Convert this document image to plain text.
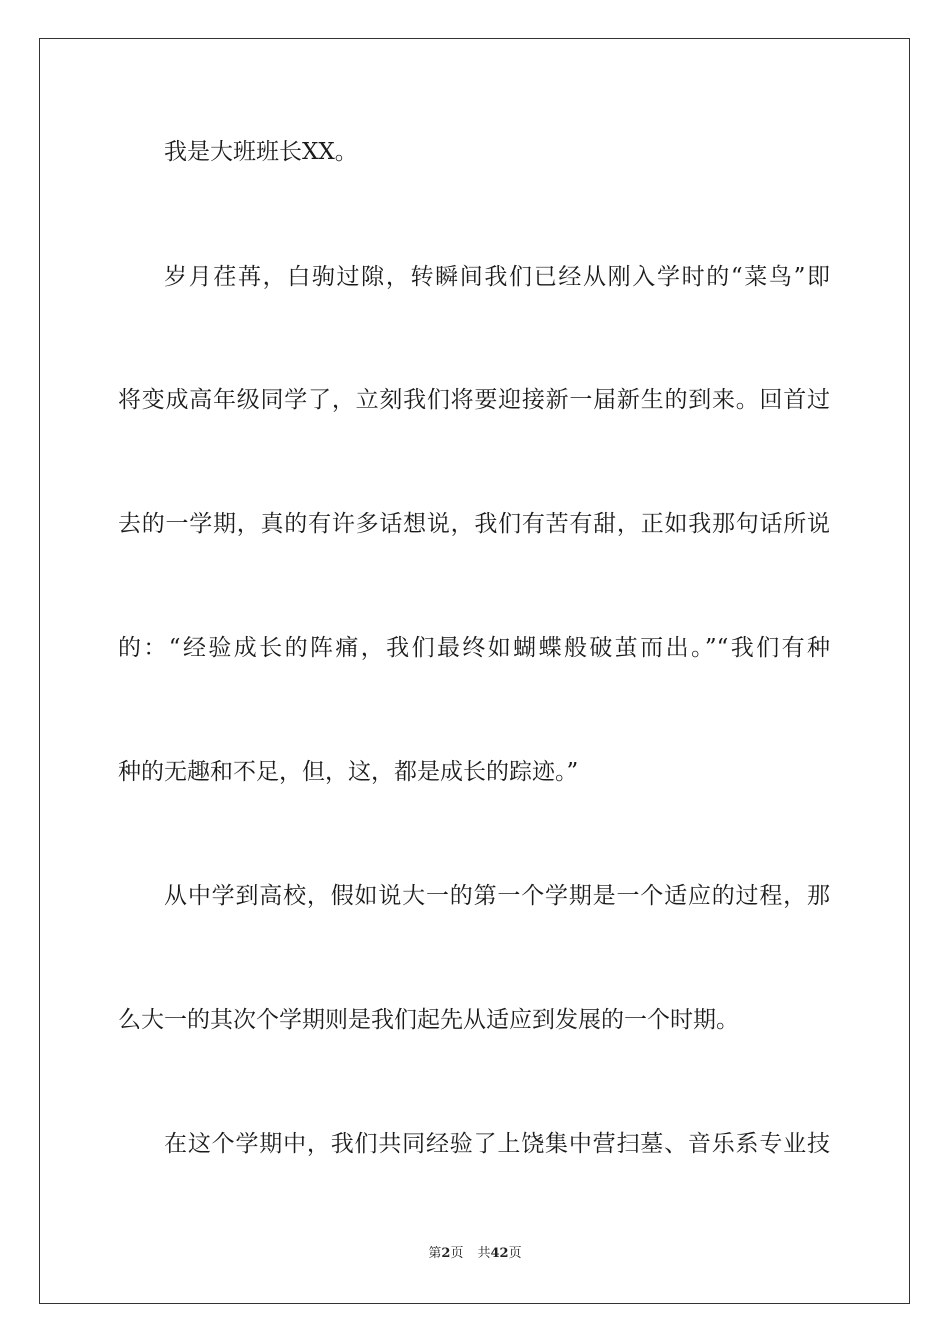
我是大班班长XX。
岁月荏苒，白驹过隙，转瞬间我们已经从刚入学时的“菜鸟”即
将变成高年级同学了，立刻我们将要迎接新一届新生的到来。回首过
去的一学期，真的有许多话想说，我们有苦有甜，正如我那句话所说
的：“经验成长的阵痛，我们最终如蝴蝶般破茧而出。”“我们有种
种的无趣和不足，但，这，都是成长的踪迹。”
从中学到高校，假如说大一的第一个学期是一个适应的过程，那
么大一的其次个学期则是我们起先从适应到发展的一个时期。
在这个学期中，我们共同经验了上饶集中营扫墓、音乐系专业技
第2页 共42页
